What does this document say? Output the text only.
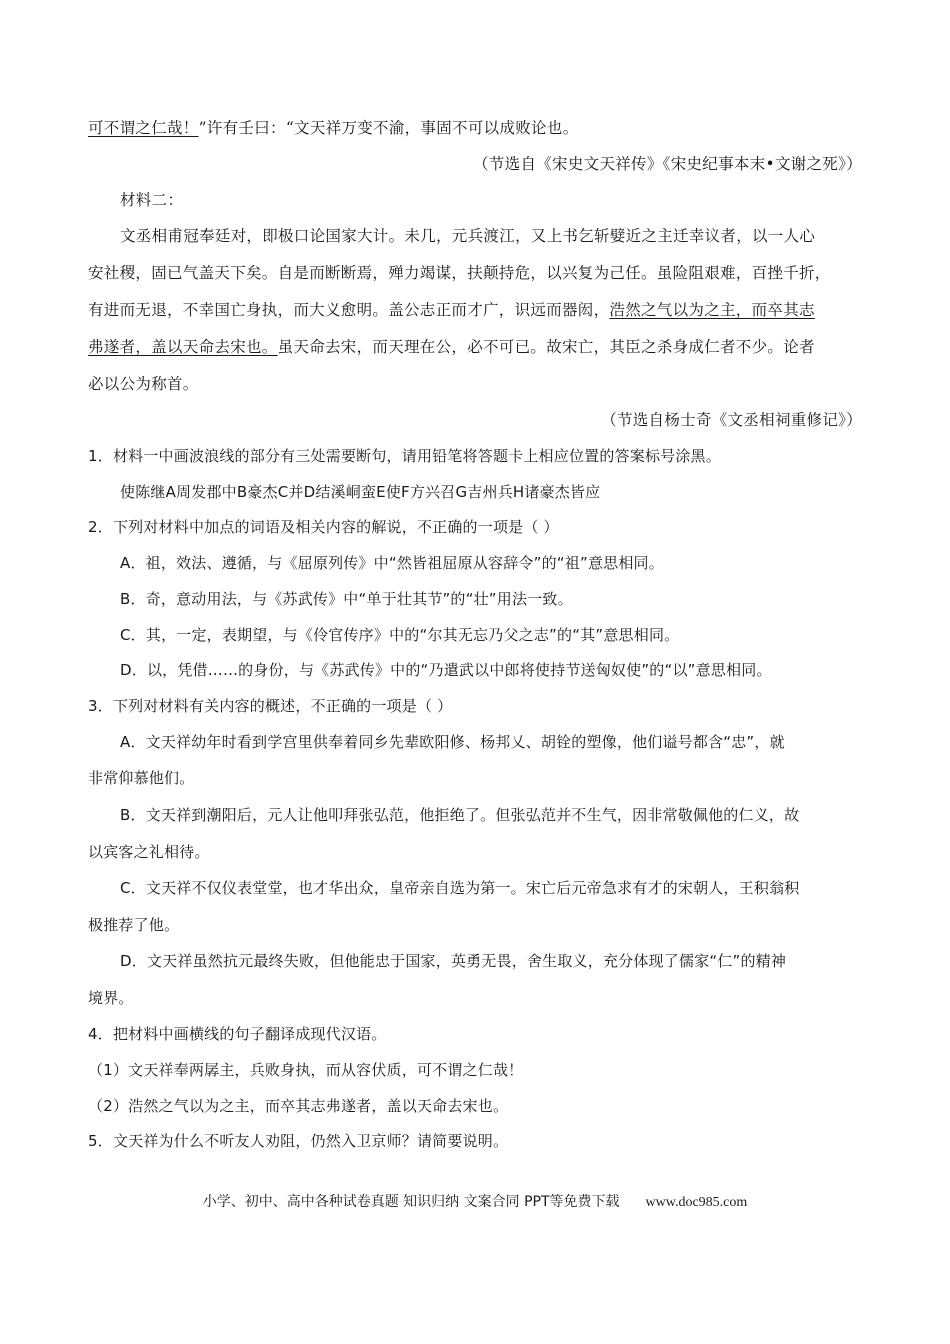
可不谓之仁哉！”许有壬曰：“文天祥万变不渝，事固不可以成败论也。
（节选自《宋史文天祥传》《宋史纪事本末•文谢之死》）
材料二：
文丞相甫冠奉廷对，即极口论国家大计。未几，元兵渡江，又上书乞斩嬖近之主迁幸议者，以一人心
安社稷，固已气盖天下矣。自是而断断焉，殚力竭谋，扶颠持危，以兴复为己任。虽险阻艰难，百挫千折，
有进而无退，不幸国亡身执，而大义愈明。盖公志正而才广，识远而器闳，浩然之气以为之主，而卒其志
弗遂者，盖以天命去宋也。虽天命去宋，而天理在公，必不可已。故宋亡，其臣之杀身成仁者不少。论者
必以公为称首。
（节选自杨士奇《文丞相祠重修记》）
1．材料一中画波浪线的部分有三处需要断句，请用铅笔将答题卡上相应位置的答案标号涂黑。
使陈继A周发郡中B豪杰C并D结溪峒蛮E使F方兴召G吉州兵H诸豪杰皆应
2．下列对材料中加点的词语及相关内容的解说，不正确的一项是（ ）
A．祖，效法、遵循，与《屈原列传》中“然皆祖屈原从容辞令”的“祖”意思相同。
B．奇，意动用法，与《苏武传》中“单于壮其节”的“壮”用法一致。
C．其，一定，表期望，与《伶官传序》中的“尔其无忘乃父之志”的“其”意思相同。
D．以，凭借……的身份，与《苏武传》中的“乃遣武以中郎将使持节送匈奴使”的“以”意思相同。
3．下列对材料有关内容的概述，不正确的一项是（ ）
A．文天祥幼年时看到学宫里供奉着同乡先辈欧阳修、杨邦乂、胡铨的塑像，他们谥号都含“忠”，就
非常仰慕他们。
B．文天祥到潮阳后，元人让他叩拜张弘范，他拒绝了。但张弘范并不生气，因非常敬佩他的仁义，故
以宾客之礼相待。
C．文天祥不仅仪表堂堂，也才华出众，皇帝亲自选为第一。宋亡后元帝急求有才的宋朝人，王积翁积
极推荐了他。
D．文天祥虽然抗元最终失败，但他能忠于国家，英勇无畏，舍生取义，充分体现了儒家“仁”的精神
境界。
4．把材料中画横线的句子翻译成现代汉语。
（1）文天祥奉两孱主，兵败身执，而从容伏质，可不谓之仁哉！
（2）浩然之气以为之主，而卒其志弗遂者，盖以天命去宋也。
5．文天祥为什么不听友人劝阻，仍然入卫京师？请简要说明。
小学、初中、高中各种试卷真题 知识归纳 文案合同 PPT等免费下载 www.doc985.com
